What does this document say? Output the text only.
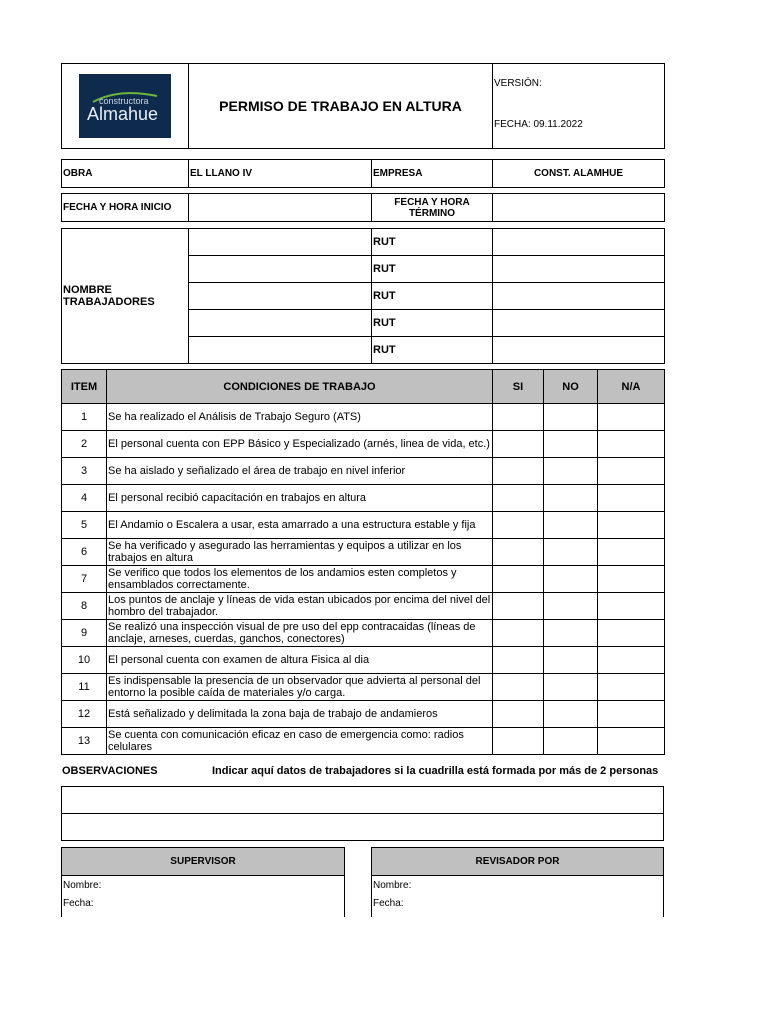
constructora
Almahue	PERMISO DE TRABAJO EN ALTURA	
VERSIÓN:
FECHA: 09.11.2022
OBRA	EL LLANO IV	EMPRESA	CONST. ALAMHUE
FECHA Y HORA INICIO		FECHA Y HORA TÉRMINO	
NOMBRE TRABAJADORES		RUT	
		RUT	
		RUT	
		RUT	
		RUT	
ITEM	CONDICIONES DE TRABAJO	SI	NO	N/A
1	Se ha realizado el Análisis de Trabajo Seguro (ATS)			
2	El personal cuenta con EPP Básico y Especializado (arnés, linea de vida, etc.)			
3	Se ha aislado y señalizado el área de trabajo en nivel inferior			
4	El personal recibió capacitación en trabajos en altura			
5	El Andamio o Escalera a usar, esta amarrado a una estructura estable y fija			
6	Se ha verificado y asegurado las herramientas y equipos a utilizar en los trabajos en altura			
7	Se verifico que todos los elementos de los andamios esten completos y ensamblados correctamente.			
8	Los puntos de anclaje y líneas de vida estan ubicados por encima del nivel del hombro del trabajador.			
9	Se realizó una inspección visual de pre uso del epp contracaidas (líneas de anclaje, arneses, cuerdas, ganchos, conectores)			
10	El personal cuenta con examen de altura Fisica al dia			
11	Es indispensable la presencia de un observador que advierta al personal del entorno la posible caída de materiales y/o carga.			
12	Está señalizado y delimitada la zona baja de trabajo de andamieros			
13	Se cuenta con comunicación eficaz en caso de emergencia como: radios celulares			
OBSERVACIONES	Indicar aquí datos de trabajadores si la cuadrilla está formada por más de 2 personas

SUPERVISOR
Nombre:
Fecha:
REVISADOR POR
Nombre:
Fecha:
